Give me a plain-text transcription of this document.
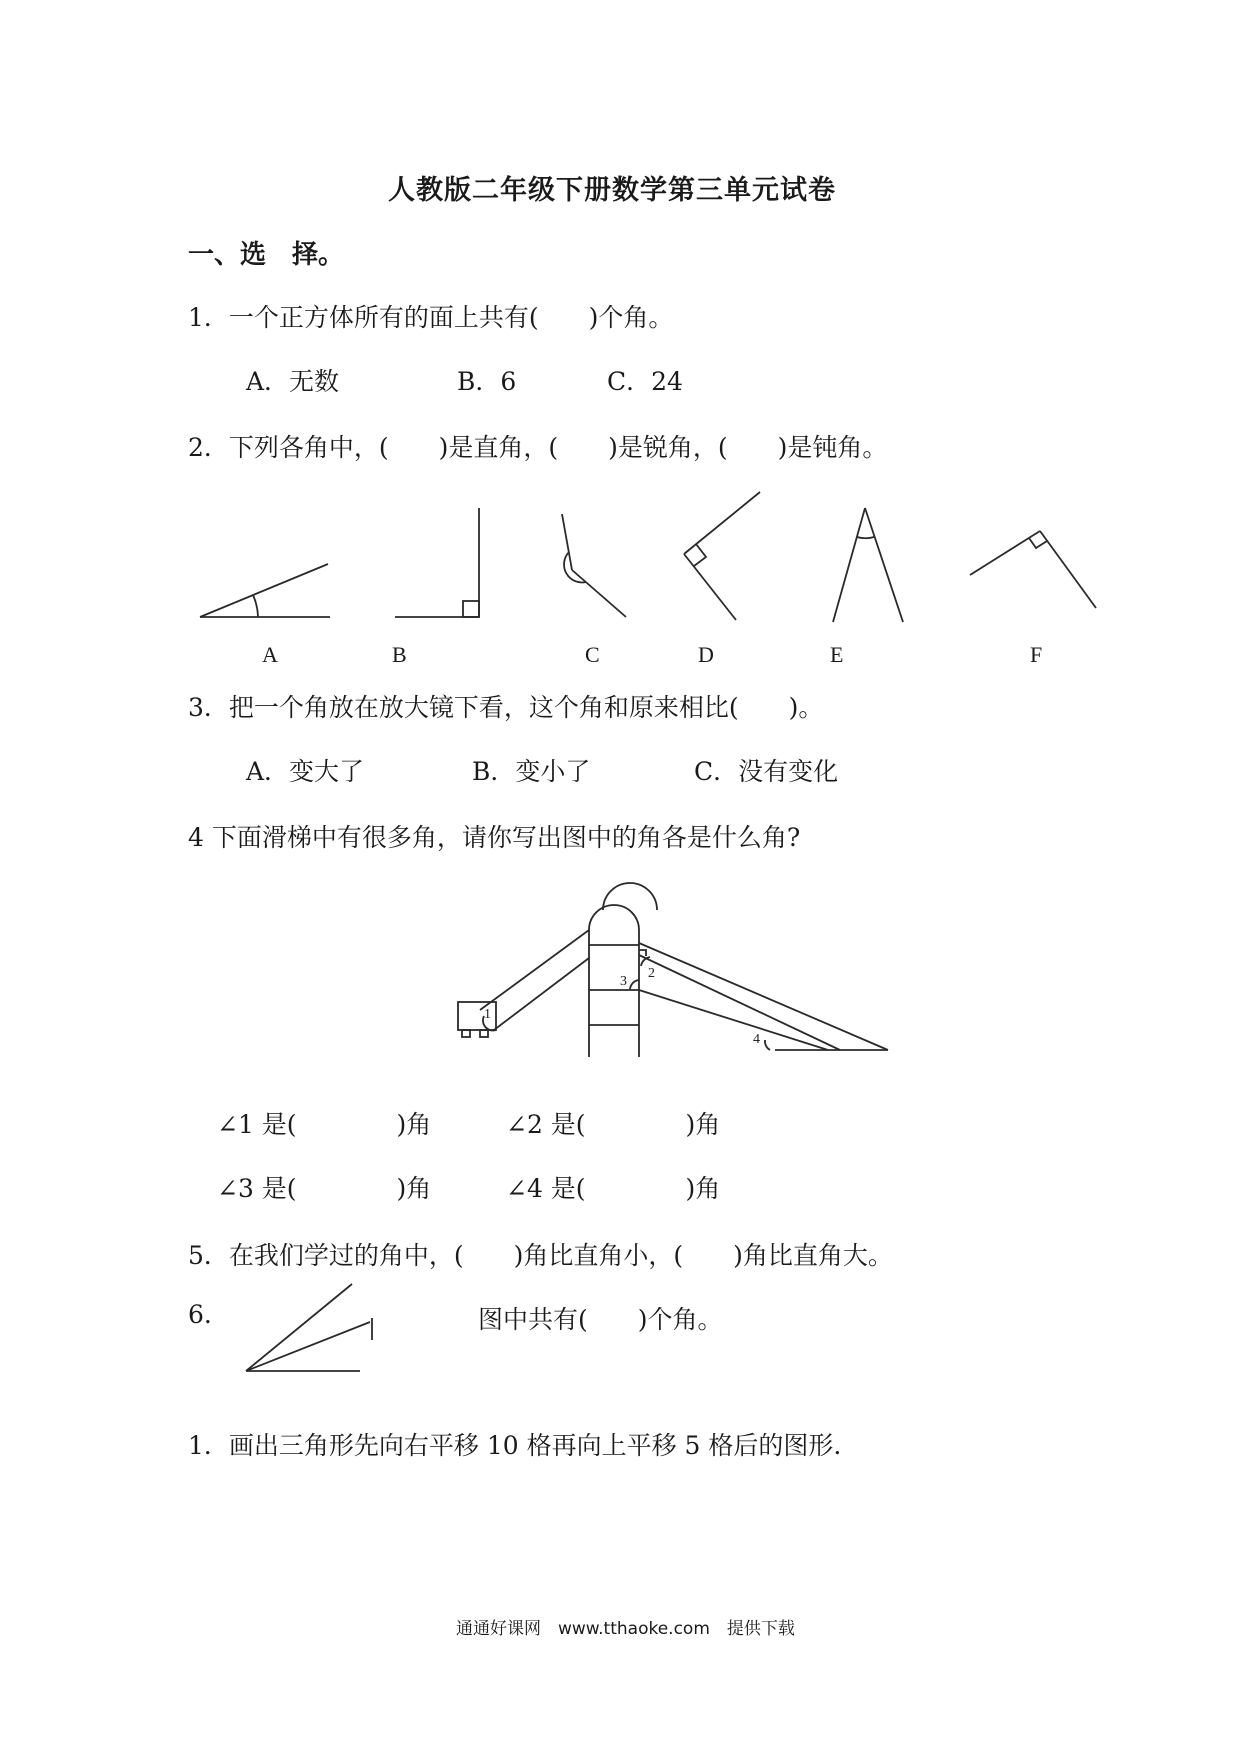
人教版二年级下册数学第三单元试卷
一、选　择。
1．一个正方体所有的面上共有(　　)个角。
A．无数	B．6	C．24
2．下列各角中，(　　)是直角，(　　)是锐角，(　　)是钝角。
A	B	C	D	E	F
3．把一个角放在放大镜下看，这个角和原来相比(　　)。
A．变大了	B．变小了	C．没有变化
4 下面滑梯中有很多角，请你写出图中的角各是什么角?
1
2
3
4
∠1 是(　　　　)角	∠2 是(　　　　)角
∠3 是(　　　　)角	∠4 是(　　　　)角
5．在我们学过的角中，(　　)角比直角小，(　　)角比直角大。
6.	图中共有(　　)个角。
1．画出三角形先向右平移 10 格再向上平移 5 格后的图形.
通通好课网　www.tthaoke.com　提供下载
